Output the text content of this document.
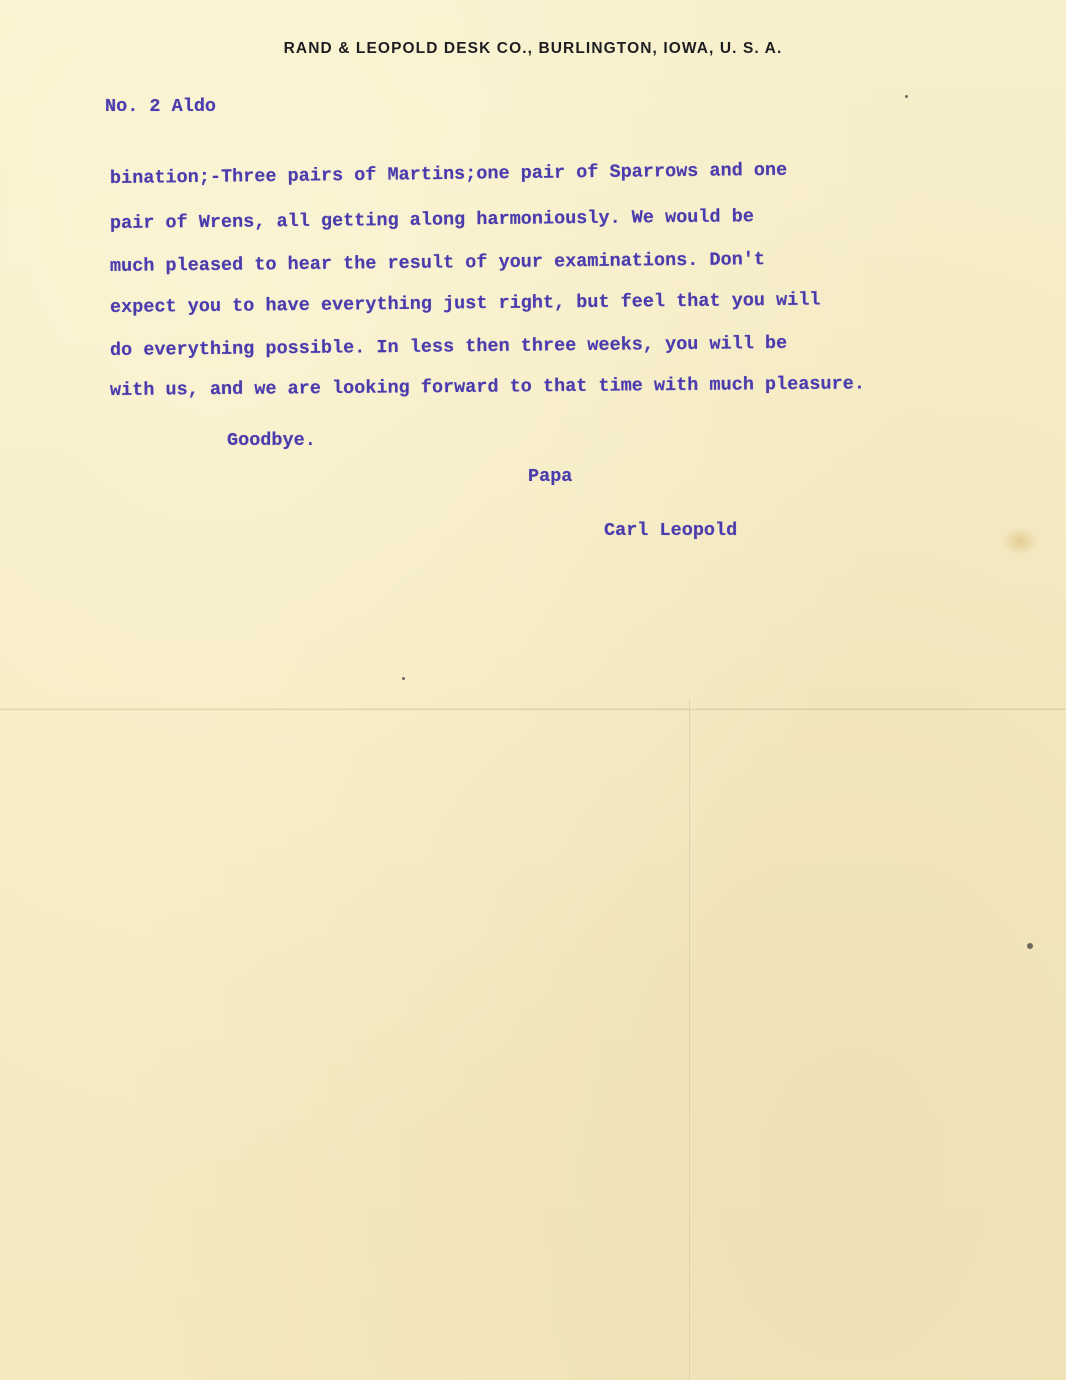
RAND & LEOPOLD DESK CO., BURLINGTON, IOWA, U. S. A.
No. 2 Aldo
bination;-Three pairs of Martins;one pair of Sparrows and one
pair of Wrens, all getting along harmoniously. We would be
much pleased to hear the result of your examinations. Don't
expect you to have everything just right, but feel that you will
do everything possible. In less then three weeks, you will be
with us, and we are looking forward to that time with much pleasure.
Goodbye.
Papa
Carl Leopold
